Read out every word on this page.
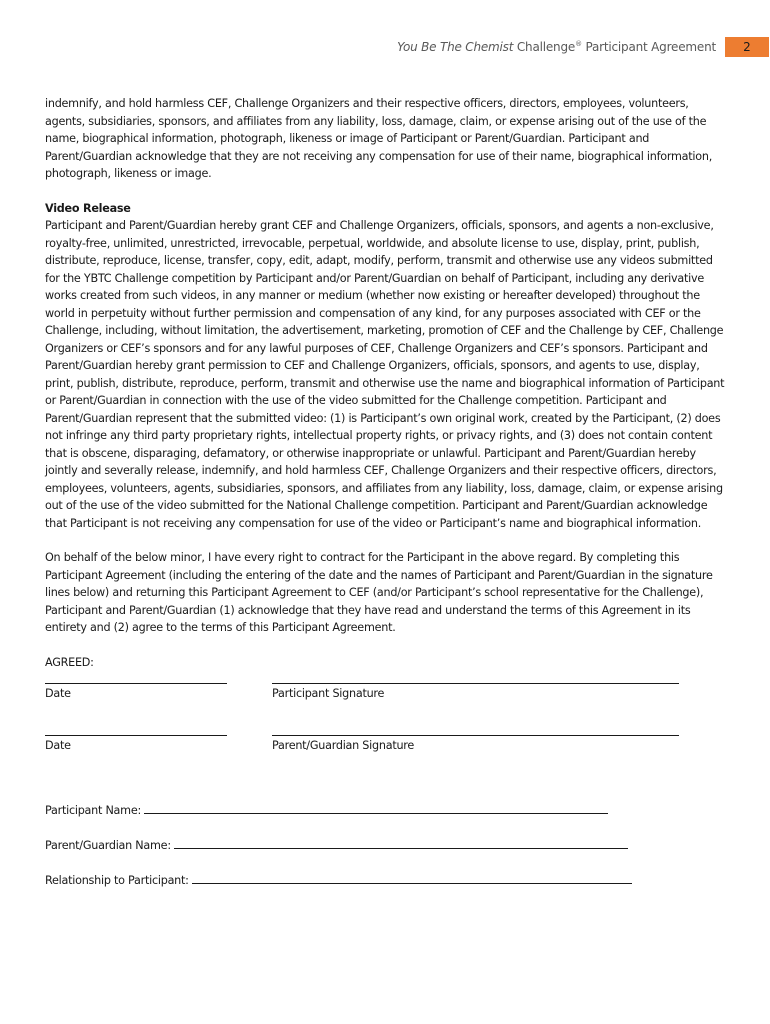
You Be The Chemist Challenge® Participant Agreement	2

indemnify, and hold harmless CEF, Challenge Organizers and their respective officers, directors, employees, volunteers, agents, subsidiaries, sponsors, and affiliates from any liability, loss, damage, claim, or expense arising out of the use of the name, biographical information, photograph, likeness or image of Participant or Parent/Guardian. Participant and Parent/Guardian acknowledge that they are not receiving any compensation for use of their name, biographical information, photograph, likeness or image.

Video Release

Participant and Parent/Guardian hereby grant CEF and Challenge Organizers, officials, sponsors, and agents a non-exclusive, royalty-free, unlimited, unrestricted, irrevocable, perpetual, worldwide, and absolute license to use, display, print, publish, distribute, reproduce, license, transfer, copy, edit, adapt, modify, perform, transmit and otherwise use any videos submitted for the YBTC Challenge competition by Participant and/or Parent/Guardian on behalf of Participant, including any derivative works created from such videos, in any manner or medium (whether now existing or hereafter developed) throughout the world in perpetuity without further permission and compensation of any kind, for any purposes associated with CEF or the Challenge, including, without limitation, the advertisement, marketing, promotion of CEF and the Challenge by CEF, Challenge Organizers or CEF’s sponsors and for any lawful purposes of CEF, Challenge Organizers and CEF’s sponsors. Participant and Parent/Guardian hereby grant permission to CEF and Challenge Organizers, officials, sponsors, and agents to use, display, print, publish, distribute, reproduce, perform, transmit and otherwise use the name and biographical information of Participant or Parent/Guardian in connection with the use of the video submitted for the Challenge competition. Participant and Parent/Guardian represent that the submitted video: (1) is Participant’s own original work, created by the Participant, (2) does not infringe any third party proprietary rights, intellectual property rights, or privacy rights, and (3) does not contain content that is obscene, disparaging, defamatory, or otherwise inappropriate or unlawful. Participant and Parent/Guardian hereby jointly and severally release, indemnify, and hold harmless CEF, Challenge Organizers and their respective officers, directors, employees, volunteers, agents, subsidiaries, sponsors, and affiliates from any liability, loss, damage, claim, or expense arising out of the use of the video submitted for the National Challenge competition. Participant and Parent/Guardian acknowledge that Participant is not receiving any compensation for use of the video or Participant’s name and biographical information.

On behalf of the below minor, I have every right to contract for the Participant in the above regard. By completing this Participant Agreement (including the entering of the date and the names of Participant and Parent/Guardian in the signature lines below) and returning this Participant Agreement to CEF (and/or Participant’s school representative for the Challenge), Participant and Parent/Guardian (1) acknowledge that they have read and understand the terms of this Agreement in its entirety and (2) agree to the terms of this Participant Agreement.

AGREED:

Date	Participant Signature
Date	Parent/Guardian Signature
Participant Name:
Parent/Guardian Name:
Relationship to Participant:
